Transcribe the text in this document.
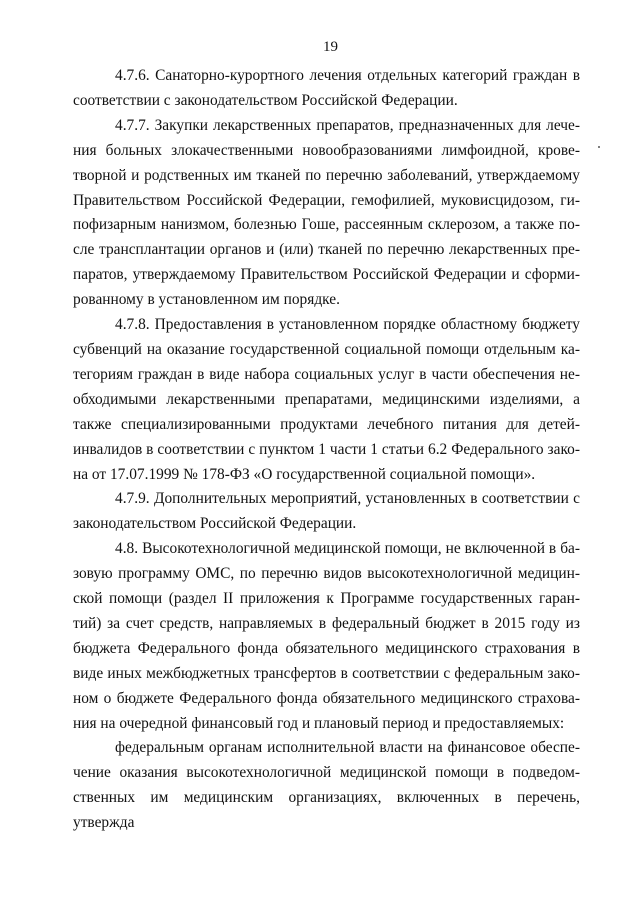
19

4.7.6. Санаторно-курортного лечения отдельных категорий граждан в соответствии с законодательством Российской Федерации.

4.7.7. Закупки лекарственных препаратов, предназначенных для лечения больных злокачественными новообразованиями лимфоидной, кроветворной и родственных им тканей по перечню заболеваний, утверждаемому Правительством Российской Федерации, гемофилией, муковисцидозом, гипофизарным нанизмом, болезнью Гоше, рассеянным склерозом, а также после трансплантации органов и (или) тканей по перечню лекарственных препаратов, утверждаемому Правительством Российской Федерации и сформированному в установленном им порядке.

4.7.8. Предоставления в установленном порядке областному бюджету субвенций на оказание государственной социальной помощи отдельным категориям граждан в виде набора социальных услуг в части обеспечения необходимыми лекарственными препаратами, медицинскими изделиями, а также специализированными продуктами лечебного питания для детей-инвалидов в соответствии с пунктом 1 части 1 статьи 6.2 Федерального закона от 17.07.1999 № 178-ФЗ «О государственной социальной помощи».

4.7.9. Дополнительных мероприятий, установленных в соответствии с законодательством Российской Федерации.

4.8. Высокотехнологичной медицинской помощи, не включенной в базовую программу ОМС, по перечню видов высокотехнологичной медицинской помощи (раздел II приложения к Программе государственных гарантий) за счет средств, направляемых в федеральный бюджет в 2015 году из бюджета Федерального фонда обязательного медицинского страхования в виде иных межбюджетных трансфертов в соответствии с федеральным законом о бюджете Федерального фонда обязательного медицинского страхования на очередной финансовый год и плановый период и предоставляемых:

федеральным органам исполнительной власти на финансовое обеспечение оказания высокотехнологичной медицинской помощи в подведомственных им медицинским организациях, включенных в перечень, утвержда
